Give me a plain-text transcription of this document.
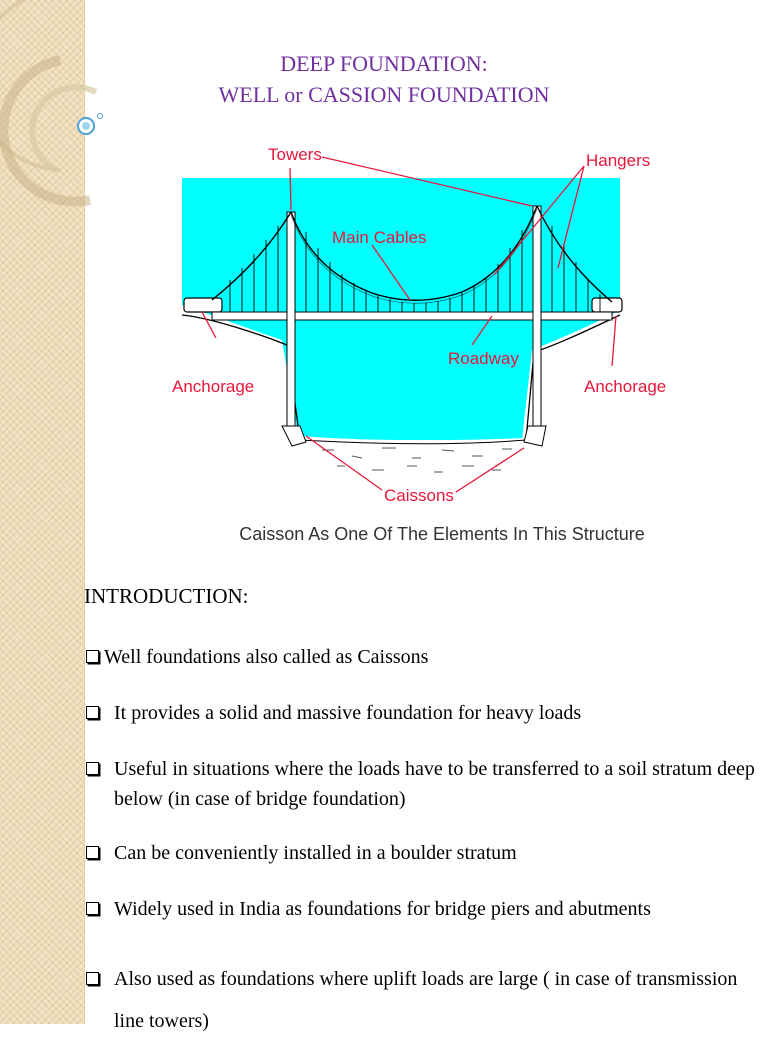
DEEP FOUNDATION:
WELL or CASSION FOUNDATION
Towers	Hangers
Main Cables
Roadway
Anchorage	Anchorage
Caissons
Caisson As One Of The Elements In This Structure
INTRODUCTION:
Well foundations also called as Caissons
It provides a solid and massive foundation for heavy loads
Useful in situations where the loads have to be transferred to a soil stratum deep below (in case of bridge foundation)
Can be conveniently installed in a boulder stratum
Widely used in India as foundations for bridge piers and abutments
Also used as foundations where uplift loads are large ( in case of transmission line towers)
